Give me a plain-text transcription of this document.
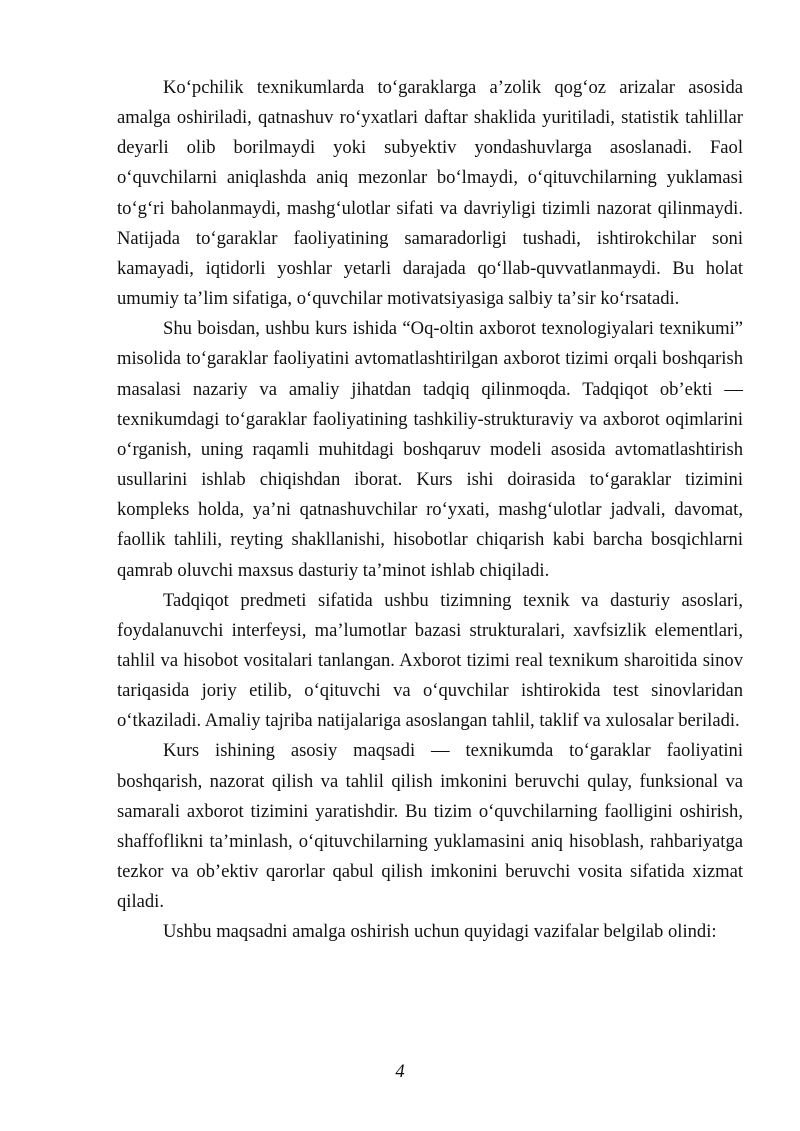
Koʻpchilik texnikumlarda toʻgaraklarga aʼzolik qogʻoz arizalar asosida amalga oshiriladi, qatnashuv roʻyxatlari daftar shaklida yuritiladi, statistik tahlillar deyarli olib borilmaydi yoki subyektiv yondashuvlarga asoslanadi. Faol oʻquvchilarni aniqlashda aniq mezonlar boʻlmaydi, oʻqituvchilarning yuklamasi toʻgʻri baholanmaydi, mashgʻulotlar sifati va davriyligi tizimli nazorat qilinmaydi. Natijada toʻgaraklar faoliyatining samaradorligi tushadi, ishtirokchilar soni kamayadi, iqtidorli yoshlar yetarli darajada qoʻllab-quvvatlanmaydi. Bu holat umumiy taʼlim sifatiga, oʻquvchilar motivatsiyasiga salbiy taʼsir koʻrsatadi.

Shu boisdan, ushbu kurs ishida “Oq-oltin axborot texnologiyalari texnikumi” misolida toʻgaraklar faoliyatini avtomatlashtirilgan axborot tizimi orqali boshqarish masalasi nazariy va amaliy jihatdan tadqiq qilinmoqda. Tadqiqot obʼekti — texnikumdagi toʻgaraklar faoliyatining tashkiliy-strukturaviy va axborot oqimlarini oʻrganish, uning raqamli muhitdagi boshqaruv modeli asosida avtomatlashtirish usullarini ishlab chiqishdan iborat. Kurs ishi doirasida toʻgaraklar tizimini kompleks holda, yaʼni qatnashuvchilar roʻyxati, mashgʻulotlar jadvali, davomat, faollik tahlili, reyting shakllanishi, hisobotlar chiqarish kabi barcha bosqichlarni qamrab oluvchi maxsus dasturiy taʼminot ishlab chiqiladi.

Tadqiqot predmeti sifatida ushbu tizimning texnik va dasturiy asoslari, foydalanuvchi interfeysi, maʼlumotlar bazasi strukturalari, xavfsizlik elementlari, tahlil va hisobot vositalari tanlangan. Axborot tizimi real texnikum sharoitida sinov tariqasida joriy etilib, oʻqituvchi va oʻquvchilar ishtirokida test sinovlaridan oʻtkaziladi. Amaliy tajriba natijalariga asoslangan tahlil, taklif va xulosalar beriladi.

Kurs ishining asosiy maqsadi — texnikumda toʻgaraklar faoliyatini boshqarish, nazorat qilish va tahlil qilish imkonini beruvchi qulay, funksional va samarali axborot tizimini yaratishdir. Bu tizim oʻquvchilarning faolligini oshirish, shaffoflikni taʼminlash, oʻqituvchilarning yuklamasini aniq hisoblash, rahbariyatga tezkor va obʼektiv qarorlar qabul qilish imkonini beruvchi vosita sifatida xizmat qiladi.

Ushbu maqsadni amalga oshirish uchun quyidagi vazifalar belgilab olindi:

4
